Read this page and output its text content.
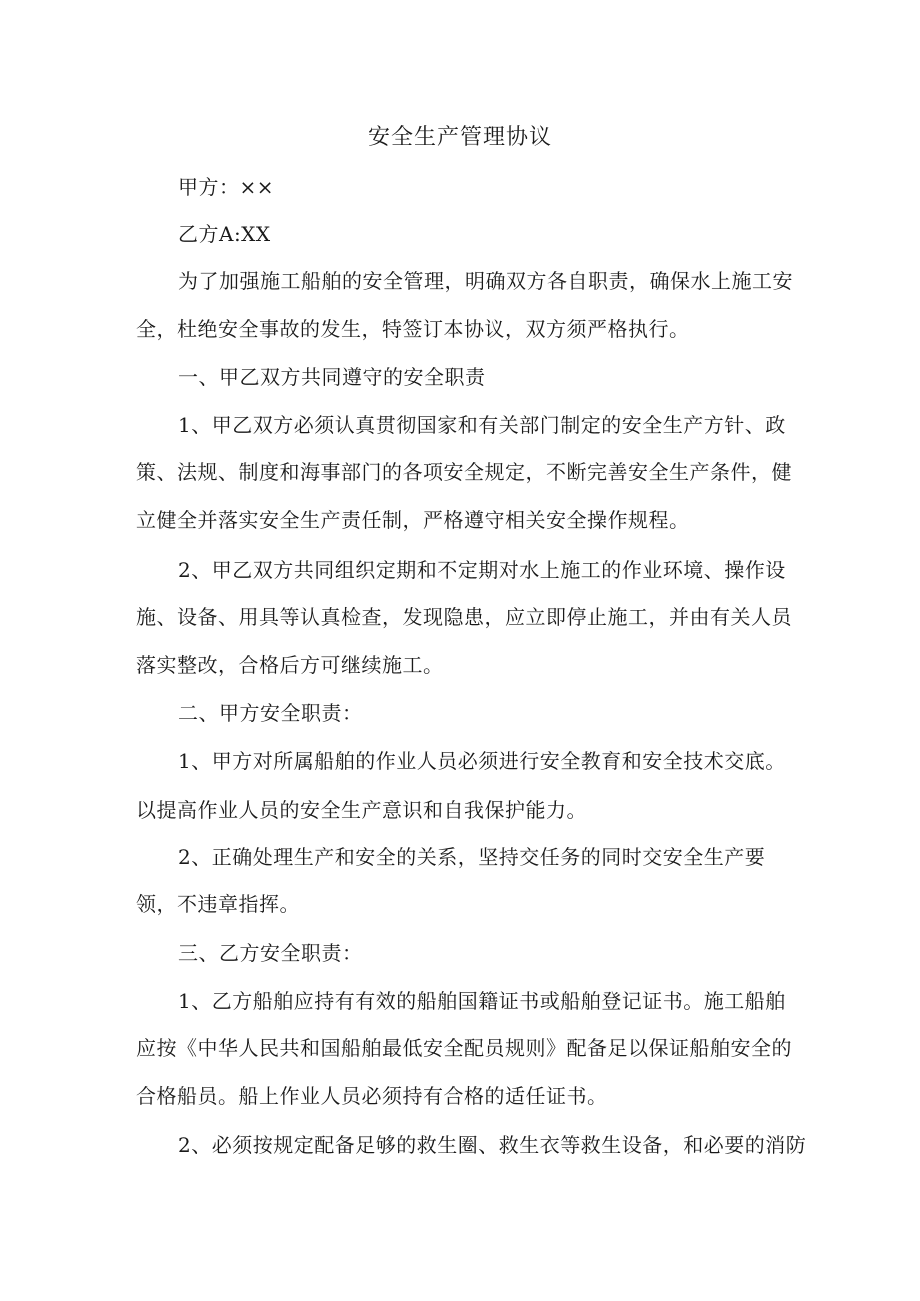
安全生产管理协议
甲方：××
乙方A:XX
为了加强施工船舶的安全管理，明确双方各自职责，确保水上施工安
全，杜绝安全事故的发生，特签订本协议，双方须严格执行。
一、甲乙双方共同遵守的安全职责
1、甲乙双方必须认真贯彻国家和有关部门制定的安全生产方针、政
策、法规、制度和海事部门的各项安全规定，不断完善安全生产条件，健
立健全并落实安全生产责任制，严格遵守相关安全操作规程。
2、甲乙双方共同组织定期和不定期对水上施工的作业环境、操作设
施、设备、用具等认真检查，发现隐患，应立即停止施工，并由有关人员
落实整改，合格后方可继续施工。
二、甲方安全职责：
1、甲方对所属船舶的作业人员必须进行安全教育和安全技术交底。
以提高作业人员的安全生产意识和自我保护能力。
2、正确处理生产和安全的关系，坚持交任务的同时交安全生产要
领，不违章指挥。
三、乙方安全职责：
1、乙方船舶应持有有效的船舶国籍证书或船舶登记证书。施工船舶
应按《中华人民共和国船舶最低安全配员规则》配备足以保证船舶安全的
合格船员。船上作业人员必须持有合格的适任证书。
2、必须按规定配备足够的救生圈、救生衣等救生设备，和必要的消防
